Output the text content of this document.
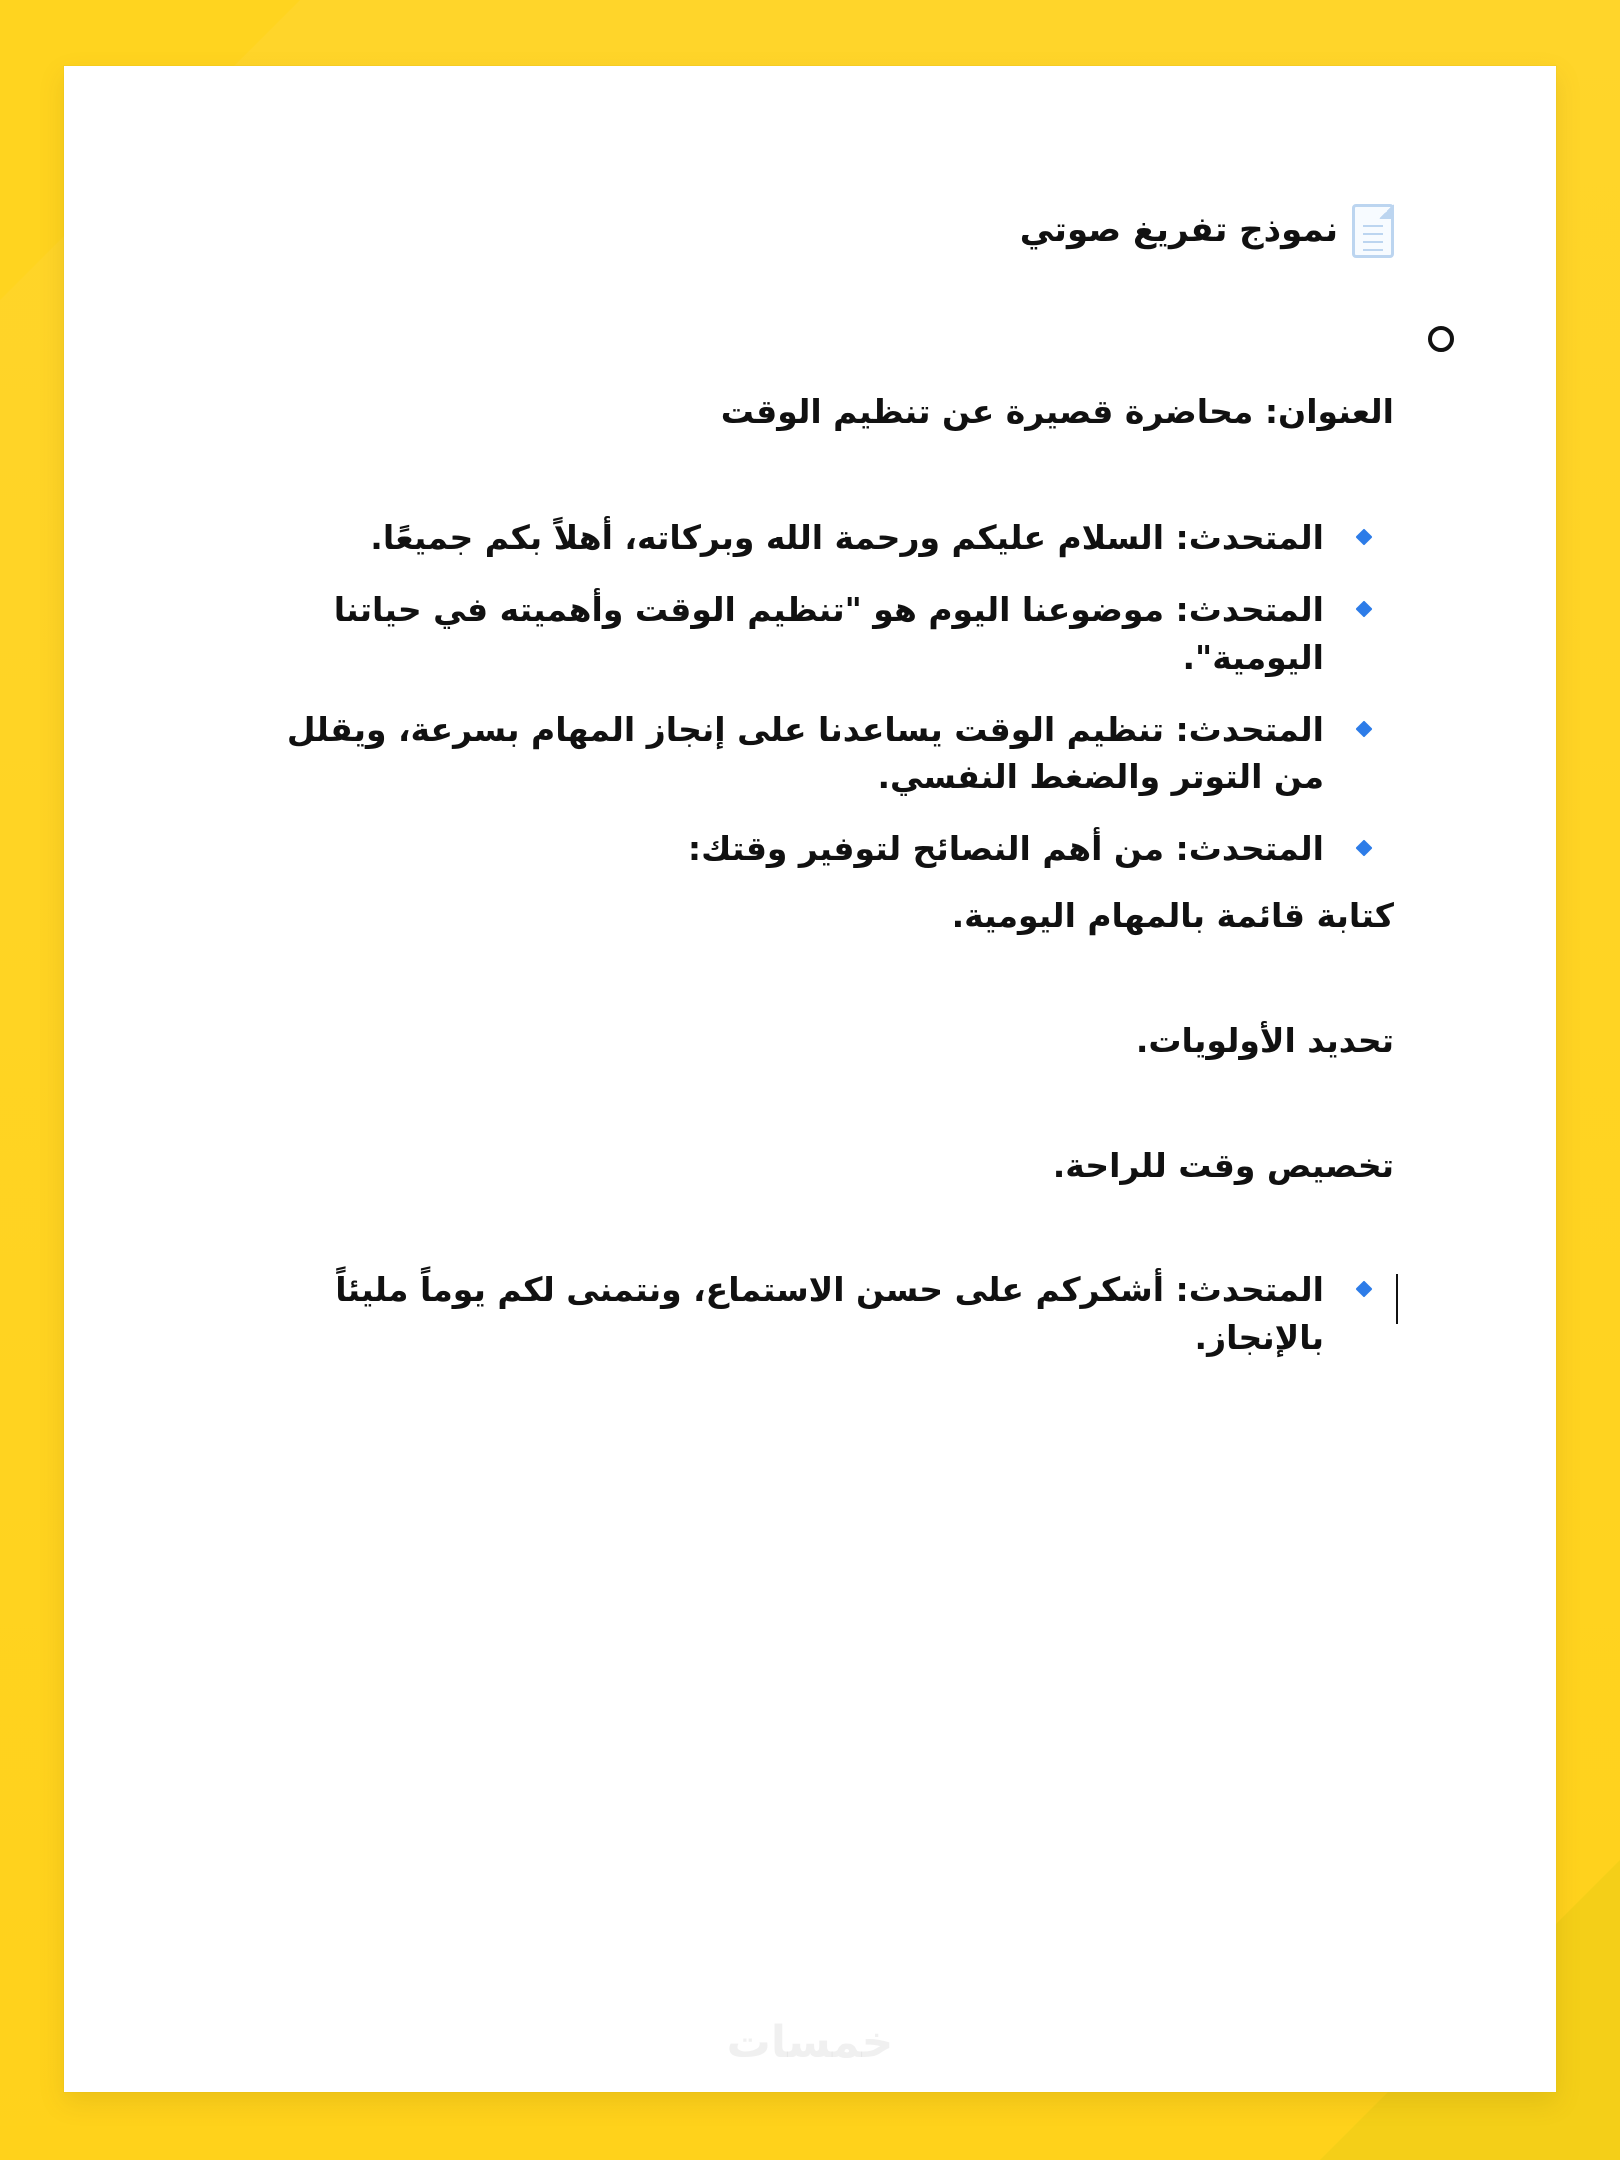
نموذج تفريغ صوتي
العنوان: محاضرة قصيرة عن تنظيم الوقت
المتحدث: السلام عليكم ورحمة الله وبركاته، أهلاً بكم جميعًا.
المتحدث: موضوعنا اليوم هو "تنظيم الوقت وأهميته في حياتنا اليومية".
المتحدث: تنظيم الوقت يساعدنا على إنجاز المهام بسرعة، ويقلل من التوتر والضغط النفسي.
المتحدث: من أهم النصائح لتوفير وقتك:
كتابة قائمة بالمهام اليومية.
تحديد الأولويات.
تخصيص وقت للراحة.
المتحدث: أشكركم على حسن الاستماع، ونتمنى لكم يوماً مليئاً بالإنجاز.
خمسات
